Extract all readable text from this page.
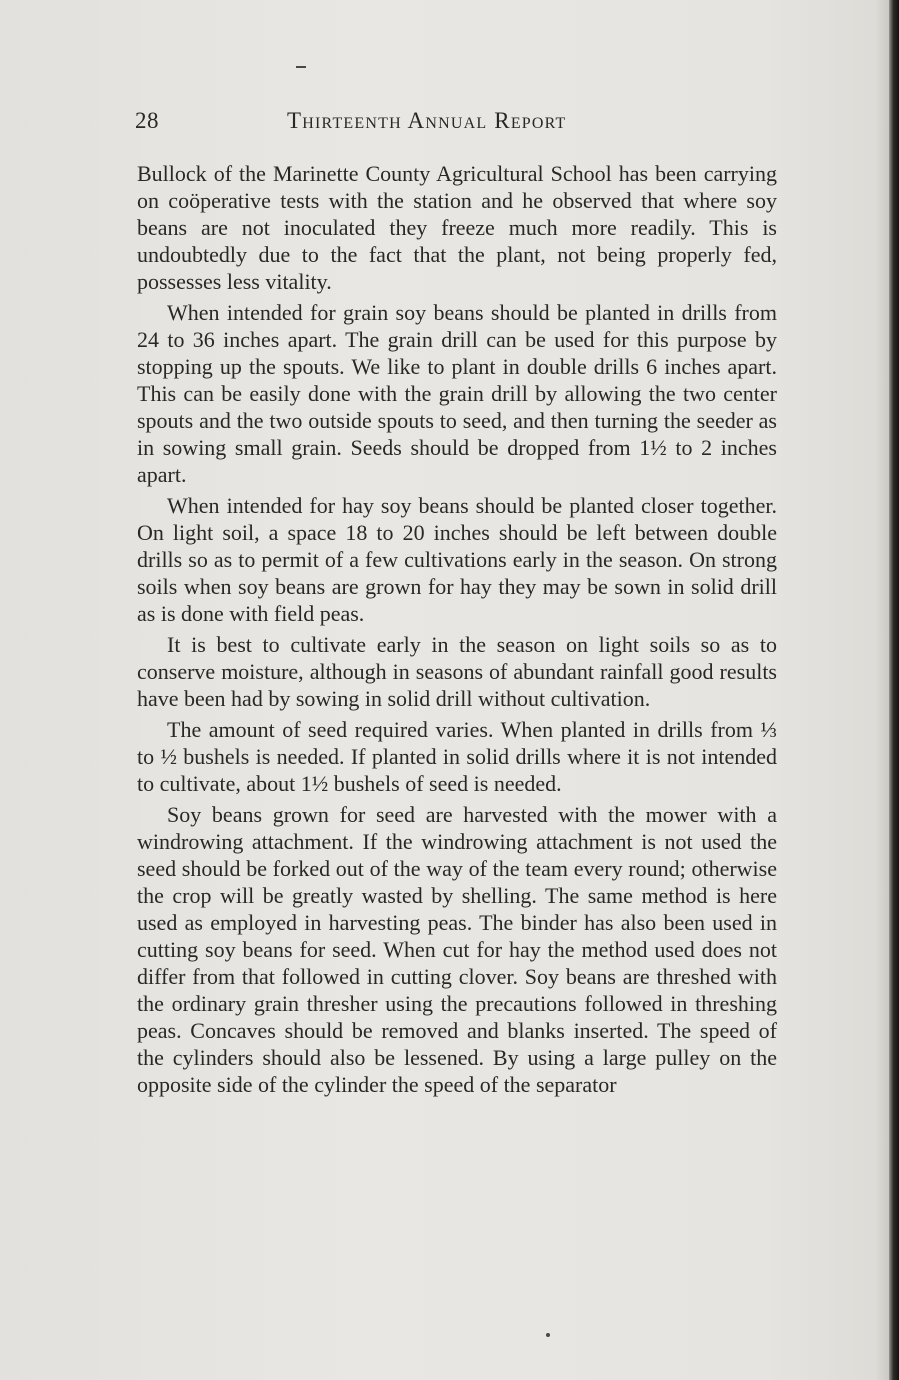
28	Thirteenth Annual Report

Bullock of the Marinette County Agricultural School has been carrying on coöperative tests with the station and he observed that where soy beans are not inoculated they freeze much more readily. This is undoubtedly due to the fact that the plant, not being properly fed, possesses less vitality.

When intended for grain soy beans should be planted in drills from 24 to 36 inches apart. The grain drill can be used for this purpose by stopping up the spouts. We like to plant in double drills 6 inches apart. This can be easily done with the grain drill by allowing the two center spouts and the two outside spouts to seed, and then turning the seeder as in sowing small grain. Seeds should be dropped from 1½ to 2 inches apart.

When intended for hay soy beans should be planted closer together. On light soil, a space 18 to 20 inches should be left between double drills so as to permit of a few cultivations early in the season. On strong soils when soy beans are grown for hay they may be sown in solid drill as is done with field peas.

It is best to cultivate early in the season on light soils so as to conserve moisture, although in seasons of abundant rainfall good results have been had by sowing in solid drill without cultivation.

The amount of seed required varies. When planted in drills from ⅓ to ½ bushels is needed. If planted in solid drills where it is not intended to cultivate, about 1½ bushels of seed is needed.

Soy beans grown for seed are harvested with the mower with a windrowing attachment. If the windrowing attachment is not used the seed should be forked out of the way of the team every round; otherwise the crop will be greatly wasted by shelling. The same method is here used as employed in harvesting peas. The binder has also been used in cutting soy beans for seed. When cut for hay the method used does not differ from that followed in cutting clover. Soy beans are threshed with the ordinary grain thresher using the precautions followed in threshing peas. Concaves should be removed and blanks inserted. The speed of the cylinders should also be lessened. By using a large pulley on the opposite side of the cylinder the speed of the separator
